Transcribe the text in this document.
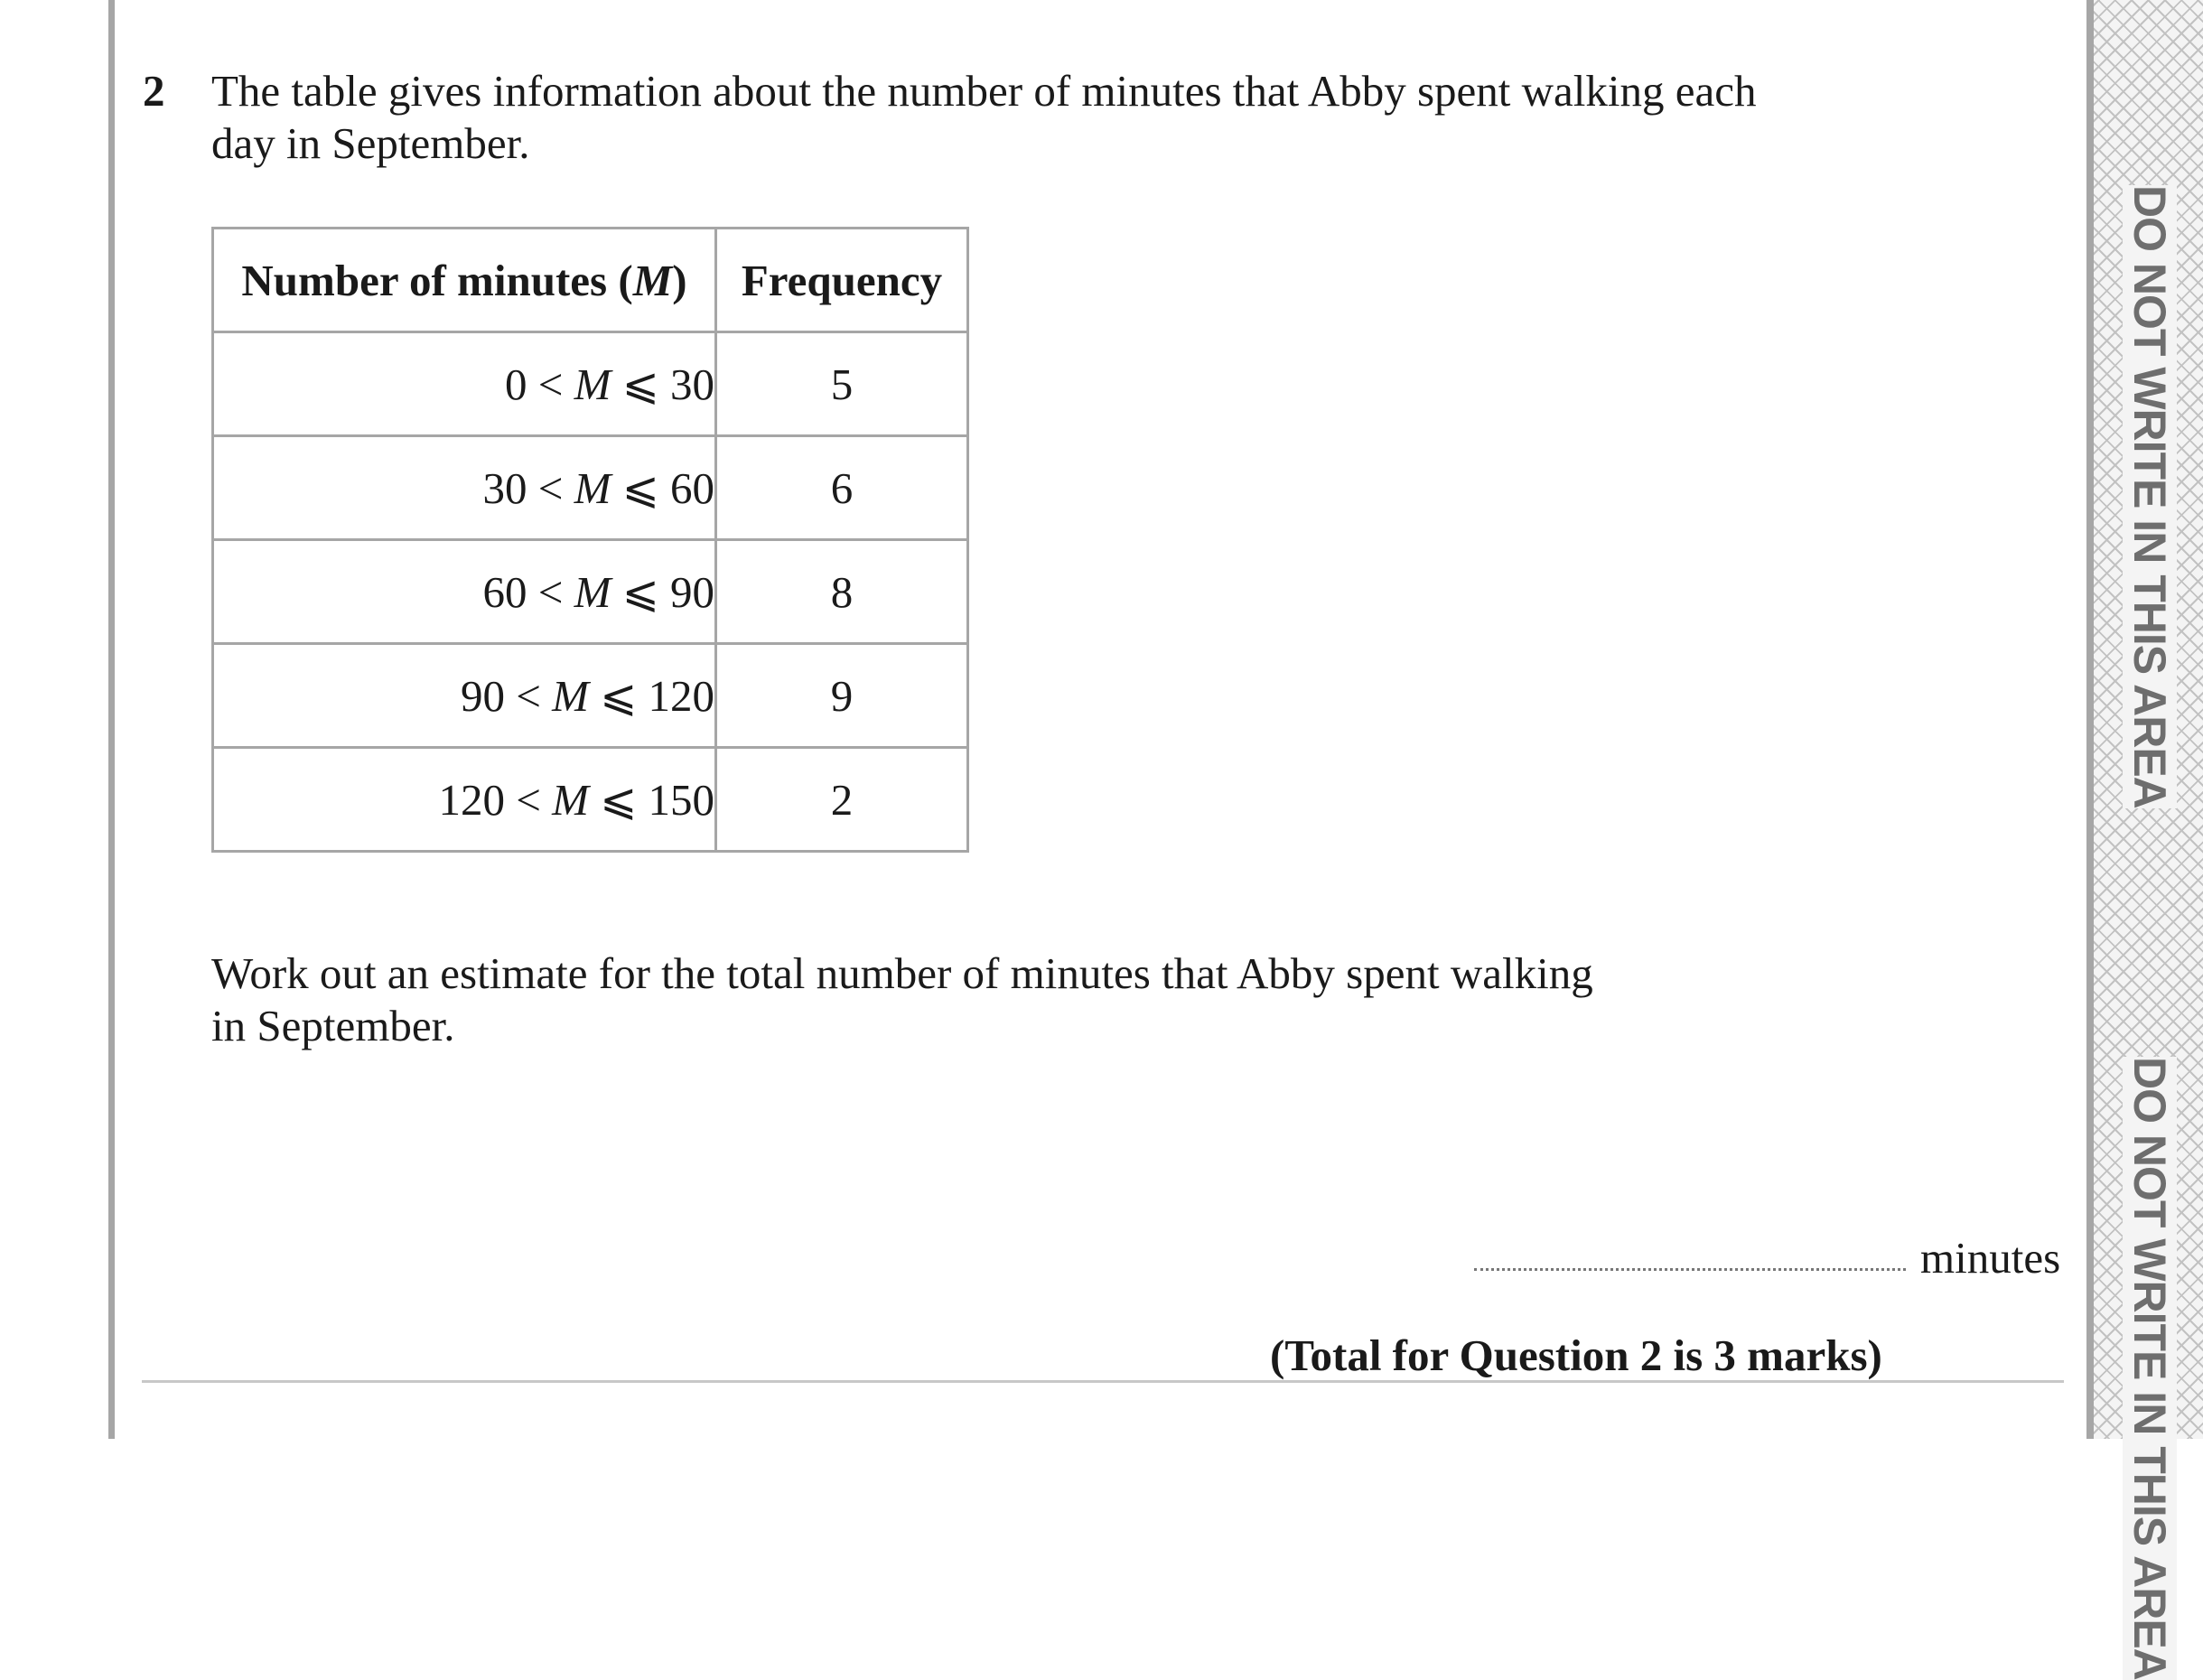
DO NOT WRITE IN THIS AREA
DO NOT WRITE IN THIS AREA
2 The table gives information about the number of minutes that Abby spent walking each
day in September.

Number of minutes (M)	Frequency
0 < M ⩽ 30	5
30 < M ⩽ 60	6
60 < M ⩽ 90	8
90 < M ⩽ 120	9
120 < M ⩽ 150	2

Work out an estimate for the total number of minutes that Abby spent walking
in September.

minutes
(Total for Question 2 is 3 marks)
